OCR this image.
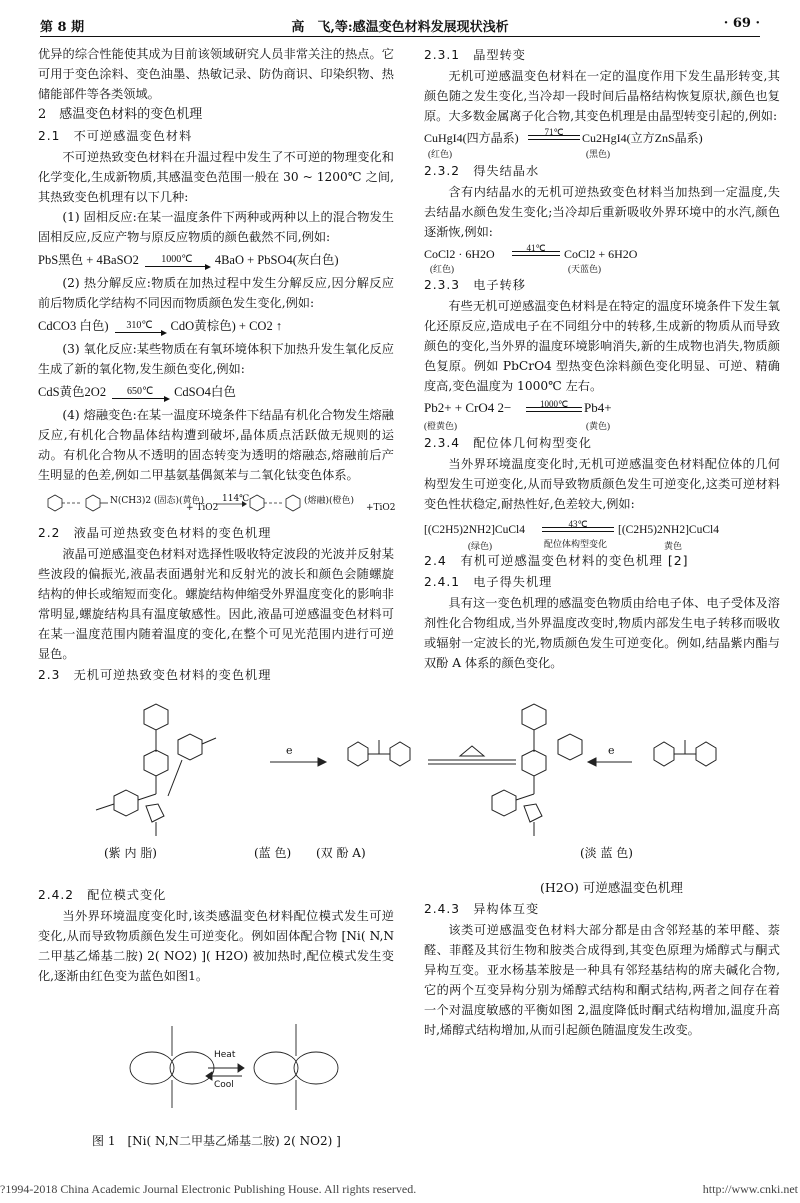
第 8 期	高　飞,等:感温变色材料发展现状浅析	· 69 ·

优异的综合性能使其成为目前该领域研究人员非常关注的热点。它可用于变色涂料、变色油墨、热敏记录、防伪商识、印染织物、热储能部件等各类领域。

2　感温变色材料的变色机理
2.1　不可逆感温变色材料

不可逆热致变色材料在升温过程中发生了不可逆的物理变化和化学变化,生成新物质,其感温变色范围一般在 30 ~ 1200℃ 之间,其热致变色机理有以下几种:

(1) 固相反应:在某一温度条件下两种或两种以上的混合物发生固相反应,反应产物与原反应物质的颜色截然不同,例如:

PbS黑色 + 4BaSO2	1000℃	4BaO + PbSO4(灰白色)

(2) 热分解反应:物质在加热过程中发生分解反应,因分解反应前后物质化学结构不同因而物质颜色发生变化,例如:

CdCO3 白色)	310℃	CdO黄棕色) + CO2 ↑

(3) 氧化反应:某些物质在有氧环境体积下加热升发生氧化反应生成了新的氧化物,发生颜色变化,例如:

CdS黄色2O2	650℃	CdSO4白色

(4) 熔融变色:在某一温度环境条件下结晶有机化合物发生熔融反应,有机化合物晶体结构遭到破坏,晶体质点活跃做无规则的运动。有机化合物从不透明的固态转变为透明的熔融态,熔融前后产生明显的色差,例如二甲基氨基偶氮苯与二氧化钛变色体系。

N(CH3)2 (固态)(黄色)
+ TiO2
114℃	(熔融)(橙色)
+TiO2
2.2　液晶可逆热致变色材料的变色机理

液晶可逆感温变色材料对选择性吸收特定波段的光波并反射某些波段的偏振光,液晶表面遇射光和反射光的波长和颜色会随螺旋结构的伸长或缩短而变化。螺旋结构伸缩受外界温度变化的影响非常明显,螺旋结构具有温度敏感性。因此,液晶可逆感温变色材料可在某一温度范围内随着温度的变化,在整个可见光范围内进行可逆显色。

2.3　无机可逆热致变色材料的变色机理
2.3.1　晶型转变

无机可逆感温变色材料在一定的温度作用下发生晶形转变,其颜色随之发生变化,当冷却一段时间后晶格结构恢复原状,颜色也复原。大多数金属离子化合物,其变色机理是由晶型转变引起的,例如:

CuHgI4(四方晶系)
(红色)
71℃	Cu2HgI4(立方ZnS晶系)
(黑色)
2.3.2　得失结晶水

含有内结晶水的无机可逆热致变色材料当加热到一定温度,失去结晶水颜色发生变化;当冷却后重新吸收外界环境中的水汽,颜色逐渐恢,例如:

CoCl2 · 6H2O
(红色)
41℃	CoCl2 + 6H2O
(天蓝色)
2.3.3　电子转移

有些无机可逆感温变色材料是在特定的温度环境条件下发生氧化还原反应,造成电子在不同组分中的转移,生成新的物质从而导致颜色的变化,当外界的温度环境影响消失,新的生成物也消失,物质颜色复原。例如 PbCrO4 型热变色涂料颜色变化明显、可逆、精确度高,变色温度为 1000℃ 左右。

Pb2+ + CrO4 2−
(橙黄色)
1000℃	Pb4+
(黄色)
2.3.4　配位体几何构型变化

当外界环境温度变化时,无机可逆感温变色材料配位体的几何构型发生可逆变化,从而导致物质颜色发生可逆变化,这类可逆材料变色性状稳定,耐热性好,色差较大,例如:

[(C2H5)2NH2]CuCl4
(绿色)
43℃
配位体构型变化
[(C2H5)2NH2]CuCl4
黄色
2.4　有机可逆感温变色材料的变色机理 [2]
2.4.1　电子得失机理

具有这一变色机理的感温变色物质由给电子体、电子受体及溶剂性化合物组成,当外界温度改变时,物质内部发生电子转移而吸收或辐射一定波长的光,物质颜色发生可逆变化。例如,结晶紫内酯与双酚 A 体系的颜色变化。

e	e
(紫 内 脂)	(蓝 色) (双 酚 A)	(淡 蓝 色)
(H2O) 可逆感温变色机理
2.4.2　配位模式变化

当外界环境温度变化时,该类感温变色材料配位模式发生可逆变化,从而导致物质颜色发生可逆变化。例如固体配合物 [Ni( N,N二甲基乙烯基二胺) 2( NO2) ]( H2O) 被加热时,配位模式发生变化,逐渐由红色变为蓝色如图1。

Heat
Cool
图 1　[Ni( N,N二甲基乙烯基二胺) 2( NO2) ]
2.4.3　异构体互变

该类可逆感温变色材料大部分都是由含邻羟基的苯甲醛、萘醛、菲醛及其衍生物和胺类合成得到,其变色原理为烯醇式与酮式异构互变。亚水杨基苯胺是一种具有邻羟基结构的席夫碱化合物,它的两个互变异构分别为烯醇式结构和酮式结构,两者之间存在着一个对温度敏感的平衡如图 2,温度降低时酮式结构增加,温度升高时,烯醇式结构增加,从而引起颜色随温度发生改变。

?1994-2018 China Academic Journal Electronic Publishing House. All rights reserved.	http://www.cnki.net
